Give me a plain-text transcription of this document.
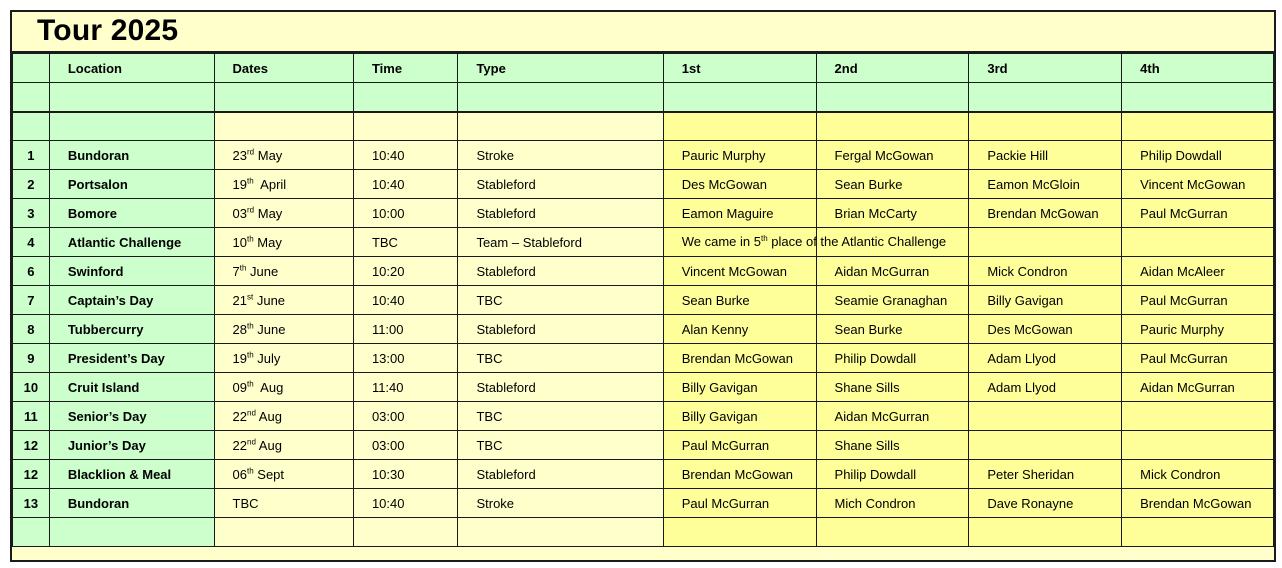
Tour 2025
	Location	Dates	Time	Type	1st	2nd	3rd	4th

1	Bundoran	23rd May	10:40	Stroke	Pauric Murphy	Fergal McGowan	Packie Hill	Philip Dowdall
2	Portsalon	19th  April	10:40	Stableford	Des McGowan	Sean Burke	Eamon McGloin	Vincent McGowan
3	Bomore	03rd May	10:00	Stableford	Eamon Maguire	Brian McCarty	Brendan McGowan	Paul McGurran
4	Atlantic Challenge	10th May	TBC	Team – Stableford	We came in 5th place of the Atlantic Challenge			

6	Swinford	7th June	10:20	Stableford	Vincent McGowan	Aidan McGurran	Mick Condron	Aidan McAleer
7	Captain’s Day	21st June	10:40	TBC	Sean Burke	Seamie Granaghan	Billy Gavigan	Paul McGurran
8	Tubbercurry	28th June	11:00	Stableford	Alan Kenny	Sean Burke	Des McGowan	Pauric Murphy
9	President’s Day	19th July	13:00	TBC	Brendan McGowan	Philip Dowdall	Adam Llyod	Paul McGurran
10	Cruit Island	09th  Aug	11:40	Stableford	Billy Gavigan	Shane Sills	Adam Llyod	Aidan McGurran
11	Senior’s Day	22nd Aug	03:00	TBC	Billy Gavigan	Aidan McGurran		
12	Junior’s Day	22nd Aug	03:00	TBC	Paul McGurran	Shane Sills		
12	Blacklion & Meal	06th Sept	10:30	Stableford	Brendan McGowan	Philip Dowdall	Peter Sheridan	Mick Condron
13	Bundoran	TBC	10:40	Stroke	Paul McGurran	Mich Condron	Dave Ronayne	Brendan McGowan
